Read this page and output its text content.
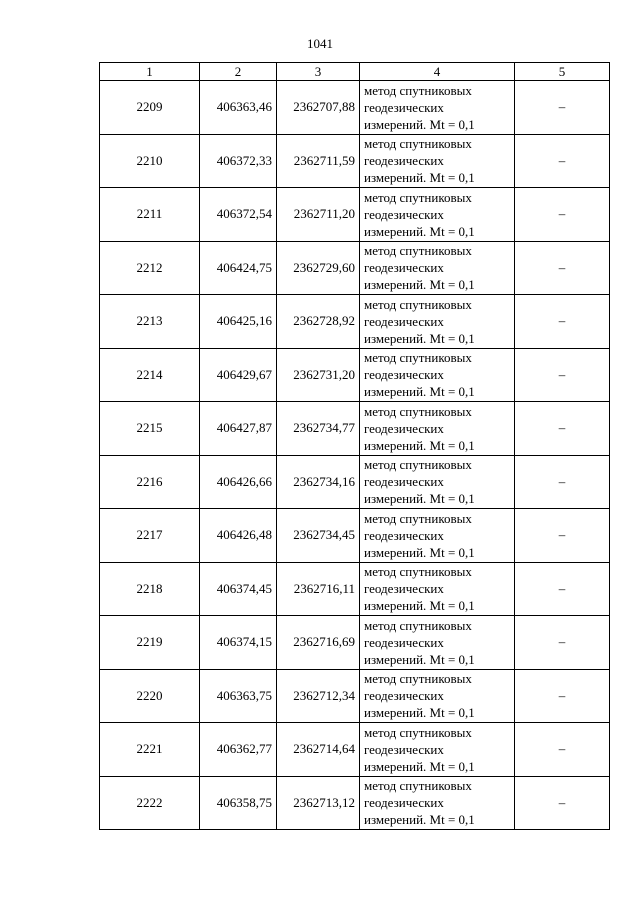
1041
1	2	3	4	5
2209	406363,46	2362707,88	метод спутниковых
геодезических
измерений. Mt = 0,1	–
2210	406372,33	2362711,59	метод спутниковых
геодезических
измерений. Mt = 0,1	–
2211	406372,54	2362711,20	метод спутниковых
геодезических
измерений. Mt = 0,1	–
2212	406424,75	2362729,60	метод спутниковых
геодезических
измерений. Mt = 0,1	–
2213	406425,16	2362728,92	метод спутниковых
геодезических
измерений. Mt = 0,1	–
2214	406429,67	2362731,20	метод спутниковых
геодезических
измерений. Mt = 0,1	–
2215	406427,87	2362734,77	метод спутниковых
геодезических
измерений. Mt = 0,1	–
2216	406426,66	2362734,16	метод спутниковых
геодезических
измерений. Mt = 0,1	–
2217	406426,48	2362734,45	метод спутниковых
геодезических
измерений. Mt = 0,1	–
2218	406374,45	2362716,11	метод спутниковых
геодезических
измерений. Mt = 0,1	–
2219	406374,15	2362716,69	метод спутниковых
геодезических
измерений. Mt = 0,1	–
2220	406363,75	2362712,34	метод спутниковых
геодезических
измерений. Mt = 0,1	–
2221	406362,77	2362714,64	метод спутниковых
геодезических
измерений. Mt = 0,1	–
2222	406358,75	2362713,12	метод спутниковых
геодезических
измерений. Mt = 0,1	–
